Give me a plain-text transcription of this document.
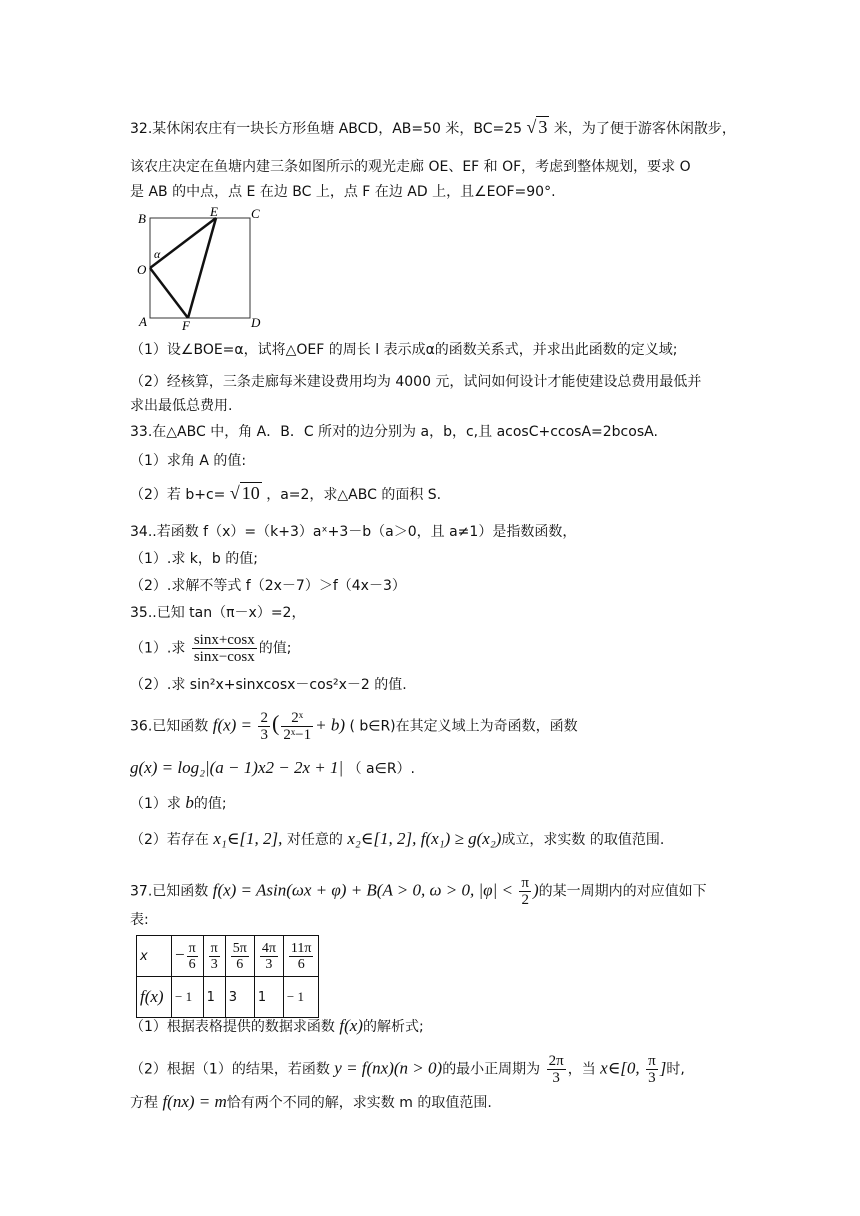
32.某休闲农庄有一块长方形鱼塘 ABCD，AB=50 米，BC=25 √ 3 米，为了便于游客休闲散步，
该农庄决定在鱼塘内建三条如图所示的观光走廊 OE、EF 和 OF，考虑到整体规划，要求 O
是 AB 的中点，点 E 在边 BC 上，点 F 在边 AD 上，且∠EOF=90°.
B	E	C
α
O
A	F	D
（1）设∠BOE=α，试将△OEF 的周长 l 表示成α的函数关系式，并求出此函数的定义域;
（2）经核算，三条走廊每米建设费用均为 4000 元，试问如何设计才能使建设总费用最低并
求出最低总费用.
33.在△ABC 中，角 A．B．C 所对的边分别为 a，b，c,且 acosC+ccosA=2bcosA.
（1）求角 A 的值:
（2）若 b+c= √ 10 ，a=2，求△ABC 的面积 S.
34..若函数 f（x）=（k+3）aˣ+3－b（a＞0，且 a≠1）是指数函数，
（1）.求 k，b 的值;
（2）.求解不等式 f（2x－7）＞f（4x－3）
35..已知 tan（π－x）=2，
（1）.求 $\frac{\sin x+\cos x}{\sin x-\cos x}$ 的值;
（2）.求 sin²x+sinxcosx－cos²x－2 的值.
36.已知函数 $f(x) = \frac{2}{3}$ ( $\frac{\text{2ˣ}}{\text{2ˣ−1}} + b$) ( b∈R)在其定义域上为奇函数，函数
g(x) = log₂|(a − 1)x2 − 2x + 1| （ a∈R）.
（1）求 b的值;
（2）若存在 x₁∈[1, 2], 对任意的 x₂∈[1, 2], f(x₁) ≥ g(x₂)成立，求实数 的取值范围.
37.已知函数 f(x) = Asin(ωx + φ) + B(A > 0, ω > 0, $|\varphi| < \frac{\pi}{2}$ )的某一周期内的对应值如下
表:
x	− $\frac{\pi}{6}$	$\frac{\pi}{3}$	$\frac{5\pi}{6}$	$\frac{4\pi}{3}$	$\frac{11\pi}{6}$

f(x)	− 1	1	3	1	− 1
（1）根据表格提供的数据求函数 f(x)的解析式;
（2）根据（1）的结果，若函数 y = f(nx)(n > 0)的最小正周期为 $\frac{2\pi}{3}$ ，当 x∈[0, $\frac{\pi}{3}$ ]时,
方程 f(nx) = m恰有两个不同的解，求实数 m 的取值范围.
